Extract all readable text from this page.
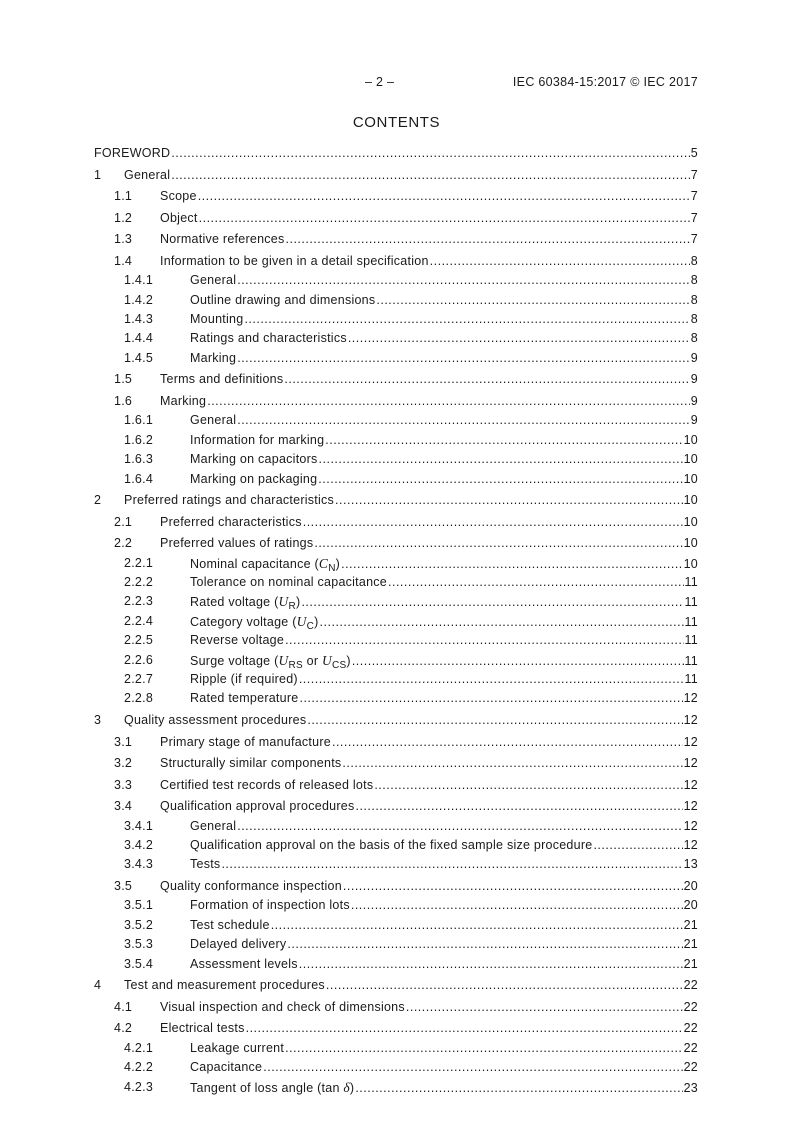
– 2 –	IEC 60384-15:2017 © IEC 2017
CONTENTS
FOREWORD .....	5
1 General .....	7
1.1 Scope .....	7
1.2 Object .....	7
1.3 Normative references .....	7
1.4 Information to be given in a detail specification .....	8
1.4.1	General .....	8
1.4.2	Outline drawing and dimensions .....	8
1.4.3	Mounting .....	8
1.4.4	Ratings and characteristics .....	8
1.4.5	Marking .....	9
1.5 Terms and definitions .....	9
1.6 Marking .....	9
1.6.1	General .....	9
1.6.2	Information for marking .....	10
1.6.3	Marking on capacitors .....	10
1.6.4	Marking on packaging .....	10
2 Preferred ratings and characteristics .....	10
2.1 Preferred characteristics .....	10
2.2 Preferred values of ratings .....	10
2.2.1	Nominal capacitance $(C_N)$ .....	10
2.2.2	Tolerance on nominal capacitance .....	11
2.2.3	Rated voltage $(U_R)$ .....	11
2.2.4	Category voltage $(U_C)$ .....	11
2.2.5	Reverse voltage .....	11
2.2.6	Surge voltage ($U_{RS}$ or $U_{CS}$) .....	11
2.2.7	Ripple (if required) .....	11
2.2.8	Rated temperature .....	12
3 Quality assessment procedures .....	12
3.1 Primary stage of manufacture .....	12
3.2 Structurally similar components .....	12
3.3 Certified test records of released lots .....	12
3.4 Qualification approval procedures .....	12
3.4.1	General .....	12
3.4.2	Qualification approval on the basis of the fixed sample size procedure .....	12
3.4.3	Tests .....	13
3.5 Quality conformance inspection .....	20
3.5.1	Formation of inspection lots .....	20
3.5.2	Test schedule .....	21
3.5.3	Delayed delivery .....	21
3.5.4	Assessment levels .....	21
4 Test and measurement procedures .....	22
4.1 Visual inspection and check of dimensions .....	22
4.2 Electrical tests .....	22
4.2.1	Leakage current .....	22
4.2.2	Capacitance .....	22
4.2.3	Tangent of loss angle (tan δ) .....	23
